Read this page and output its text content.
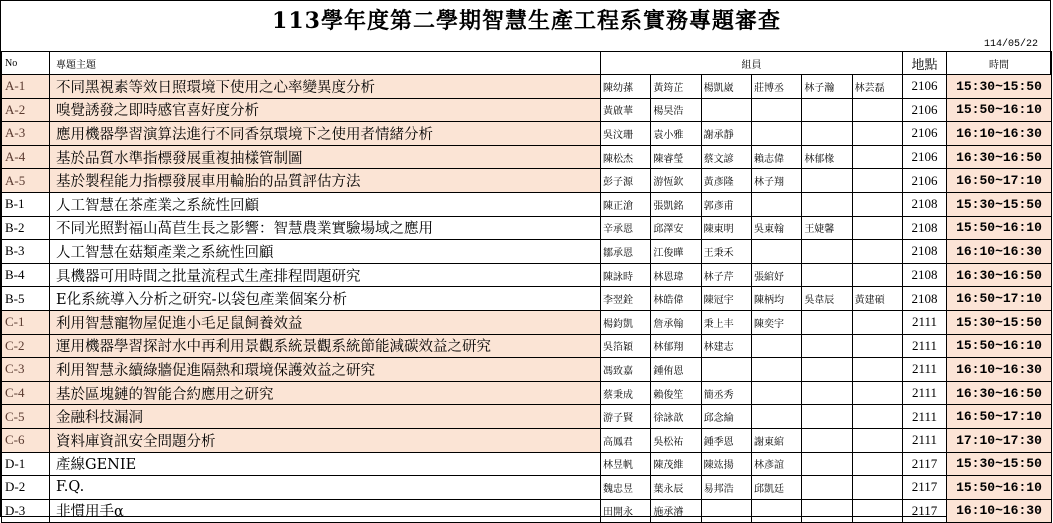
113學年度第二學期智慧生產工程系實務專題審查
114/05/22
No	專題主題	組員						地點	時間
A-1	不同黑視素等效日照環境下使用之心率變異度分析	陳幼蓀	黃筠芷	楊凱崴	莊博丞	林子瀚	林芸磊	2106	15:30~15:50
A-2	嗅覺誘發之即時感官喜好度分析	黃啟華	楊昊浩					2106	15:50~16:10
A-3	應用機器學習演算法進行不同香氛環境下之使用者情緒分析	吳汶珊	袁小雅	謝承靜				2106	16:10~16:30
A-4	基於品質水準指標發展重複抽樣管制圖	陳松杰	陳睿瑩	蔡文諺	賴志偉	林郁椽		2106	16:30~16:50
A-5	基於製程能力指標發展車用輪胎的品質評估方法	彭子源	游恆欽	黃彥隆	林子翔			2106	16:50~17:10
B-1	人工智慧在茶產業之系統性回顧	陳正滄	張凱銘	郭彥甫				2108	15:30~15:50
B-2	不同光照對福山萵苣生長之影響：智慧農業實驗場域之應用	辛承恩	邱澤安	陳東明	吳東翰	王婕馨		2108	15:50~16:10
B-3	人工智慧在菇類產業之系統性回顧	鄒承恩	江俊曄	王秉禾				2108	16:10~16:30
B-4	具機器可用時間之批量流程式生產排程問題研究	陳詠時	林恩瑋	林子芹	張綰妤			2108	16:30~16:50
B-5	E化系統導入分析之研究-以袋包產業個案分析	李翌銓	林皓偉	陳冠宇	陳柄均	吳韋辰	黃建碩	2108	16:50~17:10
C-1	利用智慧寵物屋促進小毛足鼠飼養效益	楊鈞凱	詹承翰	秉上丰	陳奕宇			2111	15:30~15:50
C-2	運用機器學習探討水中再利用景觀系統景觀系統節能減碳效益之研究	吳箔穎	林郁翔	林建志				2111	15:50~16:10
C-3	利用智慧永續綠牆促進隔熱和環境保護效益之研究	馮致嘉	鍾侑恩					2111	16:10~16:30
C-4	基於區塊鏈的智能合約應用之研究	蔡秉成	賴俊笙	簡丞秀				2111	16:30~16:50
C-5	金融科技漏洞	游子賢	徐詠歆	邱念綸				2111	16:50~17:10
C-6	資料庫資訊安全問題分析	高鳳君	吳松祐	鍾季恩	謝東綰			2111	17:10~17:30
D-1	產線GENIE	林昱帆	陳茂維	陳竑揚	林彥誼			2117	15:30~15:50
D-2	F.Q.	魏忠昱	葉永辰	易邦浩	邱凱廷			2117	15:50~16:10
D-3	非慣用手α	田開永	施承濬					2117	16:10~16:30
